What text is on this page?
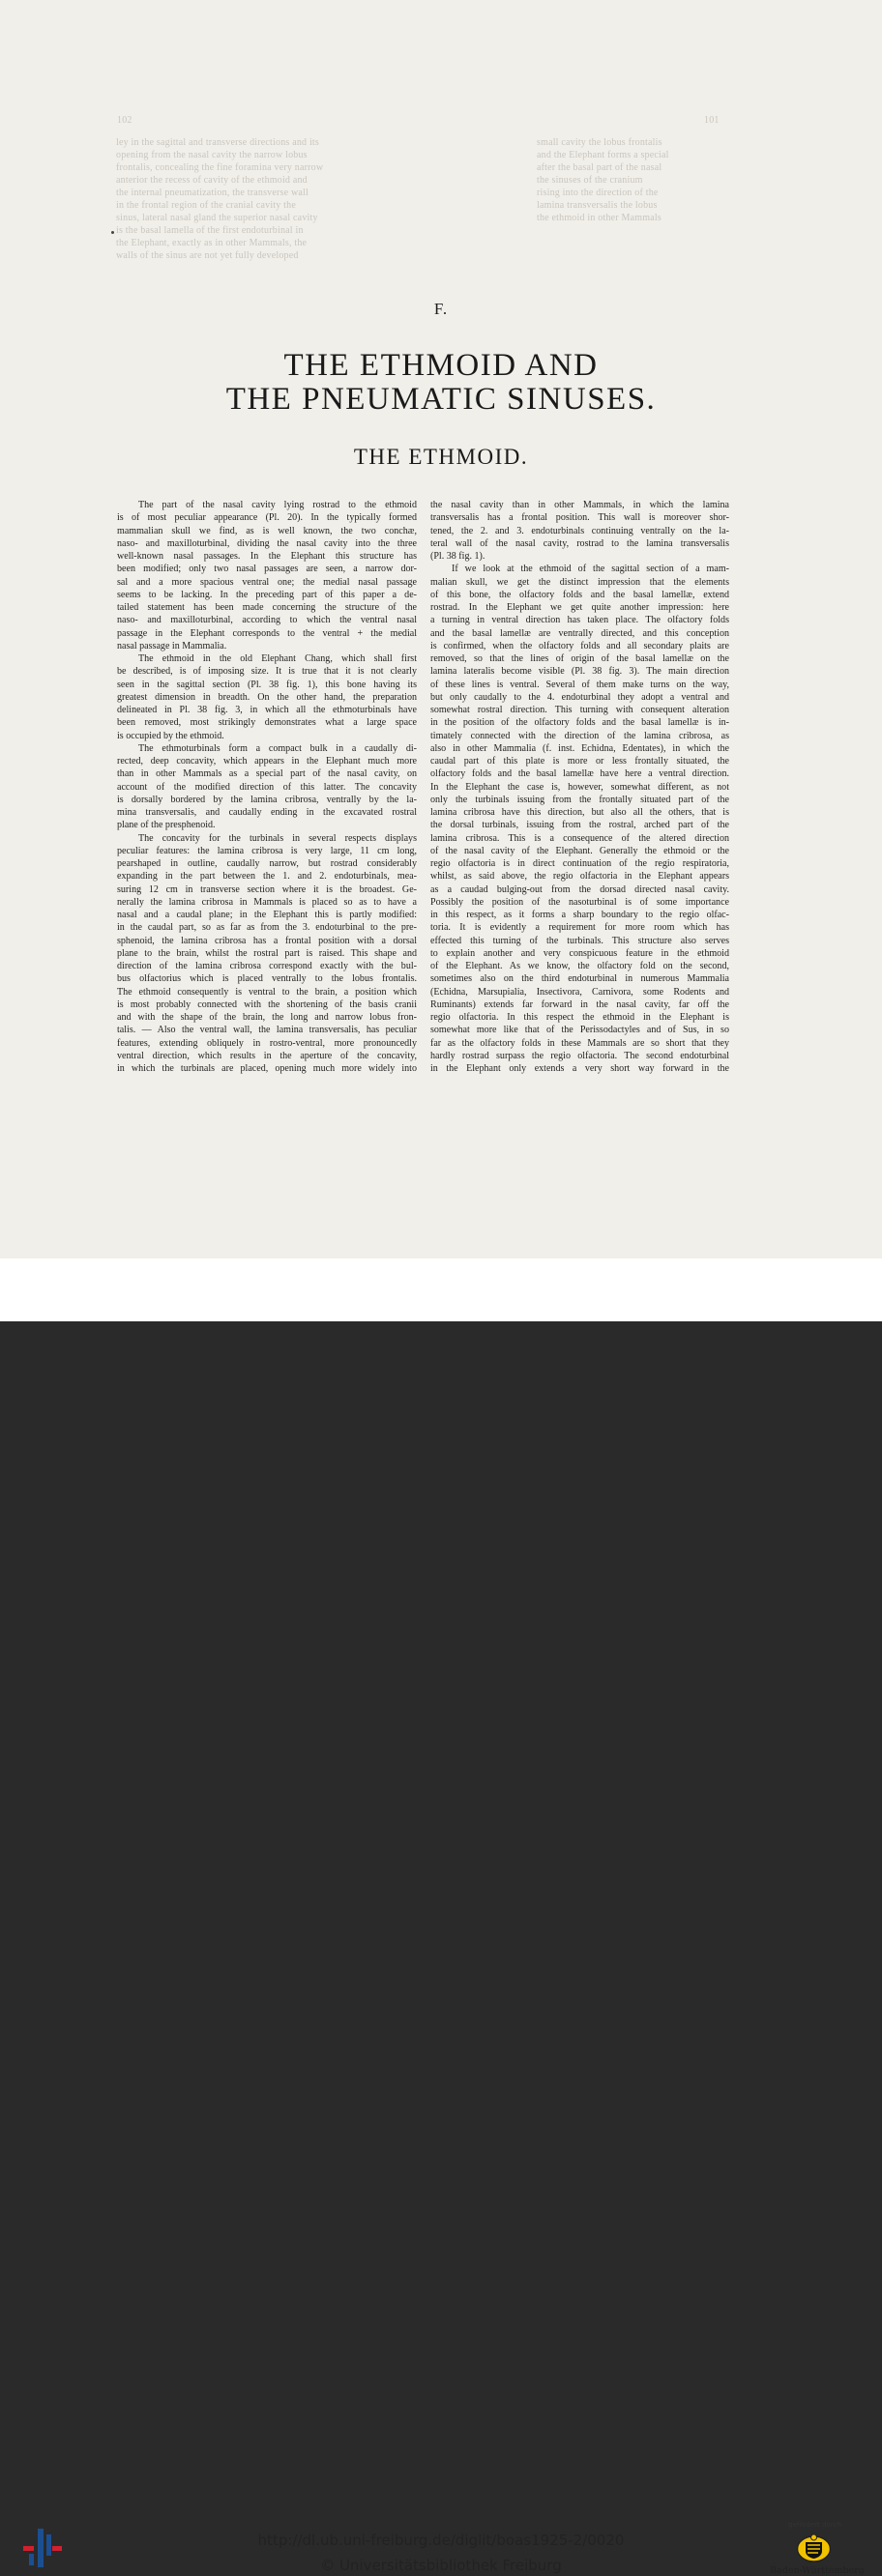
102	101
ley in the sagittal and transverse directions and its
opening from the nasal cavity the narrow lobus
frontalis, concealing the fine foramina very narrow
anterior the recess of cavity of the ethmoid and
the internal pneumatization, the transverse wall
in the frontal region of the cranial cavity the
sinus, lateral nasal gland the superior nasal cavity
is the basal lamella of the first endoturbinal in
the Elephant, exactly as in other Mammals, the
walls of the sinus are not yet fully developed
small cavity the lobus frontalis
and the Elephant forms a special
after the basal part of the nasal
the sinuses of the cranium
rising into the direction of the
lamina transversalis the lobus
the ethmoid in other Mammals
F.
THE ETHMOID AND
THE PNEUMATIC SINUSES.
THE ETHMOID.
The part of the nasal cavity lying rostrad to the ethmoid
is of most peculiar appearance (Pl. 20). In the typically formed
mammalian skull we find, as is well known, the two conchæ,
naso- and maxilloturbinal, dividing the nasal cavity into the three
well-known nasal passages. In the Elephant this structure has
been modified; only two nasal passages are seen, a narrow dor-
sal and a more spacious ventral one; the medial nasal passage
seems to be lacking. In the preceding part of this paper a de-
tailed statement has been made concerning the structure of the
naso- and maxilloturbinal, according to which the ventral nasal
passage in the Elephant corresponds to the ventral + the medial
nasal passage in Mammalia.
The ethmoid in the old Elephant Chang, which shall first
be described, is of imposing size. It is true that it is not clearly
seen in the sagittal section (Pl. 38 fig. 1), this bone having its
greatest dimension in breadth. On the other hand, the preparation
delineated in Pl. 38 fig. 3, in which all the ethmoturbinals have
been removed, most strikingly demonstrates what a large space
is occupied by the ethmoid.
The ethmoturbinals form a compact bulk in a caudally di-
rected, deep concavity, which appears in the Elephant much more
than in other Mammals as a special part of the nasal cavity, on
account of the modified direction of this latter. The concavity
is dorsally bordered by the lamina cribrosa, ventrally by the la-
mina transversalis, and caudally ending in the excavated rostral
plane of the presphenoid.
The concavity for the turbinals in several respects displays
peculiar features: the lamina cribrosa is very large, 11 cm long,
pearshaped in outline, caudally narrow, but rostrad considerably
expanding in the part between the 1. and 2. endoturbinals, mea-
suring 12 cm in transverse section where it is the broadest. Ge-
nerally the lamina cribrosa in Mammals is placed so as to have a
nasal and a caudal plane; in the Elephant this is partly modified:
in the caudal part, so as far as from the 3. endoturbinal to the pre-
sphenoid, the lamina cribrosa has a frontal position with a dorsal
plane to the brain, whilst the rostral part is raised. This shape and
direction of the lamina cribrosa correspond exactly with the bul-
bus olfactorius which is placed ventrally to the lobus frontalis.
The ethmoid consequently is ventral to the brain, a position which
is most probably connected with the shortening of the basis cranii
and with the shape of the brain, the long and narrow lobus fron-
talis. — Also the ventral wall, the lamina transversalis, has peculiar
features, extending obliquely in rostro-ventral, more pronouncedly
ventral direction, which results in the aperture of the concavity,
in which the turbinals are placed, opening much more widely into
the nasal cavity than in other Mammals, in which the lamina
transversalis has a frontal position. This wall is moreover shor-
tened, the 2. and 3. endoturbinals continuing ventrally on the la-
teral wall of the nasal cavity, rostrad to the lamina transversalis
(Pl. 38 fig. 1).
If we look at the ethmoid of the sagittal section of a mam-
malian skull, we get the distinct impression that the elements
of this bone, the olfactory folds and the basal lamellæ, extend
rostrad. In the Elephant we get quite another impression: here
a turning in ventral direction has taken place. The olfactory folds
and the basal lamellæ are ventrally directed, and this conception
is confirmed, when the olfactory folds and all secondary plaits are
removed, so that the lines of origin of the basal lamellæ on the
lamina lateralis become visible (Pl. 38 fig. 3). The main direction
of these lines is ventral. Several of them make turns on the way,
but only caudally to the 4. endoturbinal they adopt a ventral and
somewhat rostral direction. This turning with consequent alteration
in the position of the olfactory folds and the basal lamellæ is in-
timately connected with the direction of the lamina cribrosa, as
also in other Mammalia (f. inst. Echidna, Edentates), in which the
caudal part of this plate is more or less frontally situated, the
olfactory folds and the basal lamellæ have here a ventral direction.
In the Elephant the case is, however, somewhat different, as not
only the turbinals issuing from the frontally situated part of the
lamina cribrosa have this direction, but also all the others, that is
the dorsal turbinals, issuing from the rostral, arched part of the
lamina cribrosa. This is a consequence of the altered direction
of the nasal cavity of the Elephant. Generally the ethmoid or the
regio olfactoria is in direct continuation of the regio respiratoria,
whilst, as said above, the regio olfactoria in the Elephant appears
as a caudad bulging-out from the dorsad directed nasal cavity.
Possibly the position of the nasoturbinal is of some importance
in this respect, as it forms a sharp boundary to the regio olfac-
toria. It is evidently a requirement for more room which has
effected this turning of the turbinals. This structure also serves
to explain another and very conspicuous feature in the ethmoid
of the Elephant. As we know, the olfactory fold on the second,
sometimes also on the third endoturbinal in numerous Mammalia
(Echidna, Marsupialia, Insectivora, Carnivora, some Rodents and
Ruminants) extends far forward in the nasal cavity, far off the
regio olfactoria. In this respect the ethmoid in the Elephant is
somewhat more like that of the Perissodactyles and of Sus, in so
far as the olfactory folds in these Mammals are so short that they
hardly rostrad surpass the regio olfactoria. The second endoturbinal
in the Elephant only extends a very short way forward in the
http://dl.ub.uni-freiburg.de/diglit/boas1925-2/0020
© Universitätsbibliothek Freiburg
gefördert durch
Baden-Württemberg
